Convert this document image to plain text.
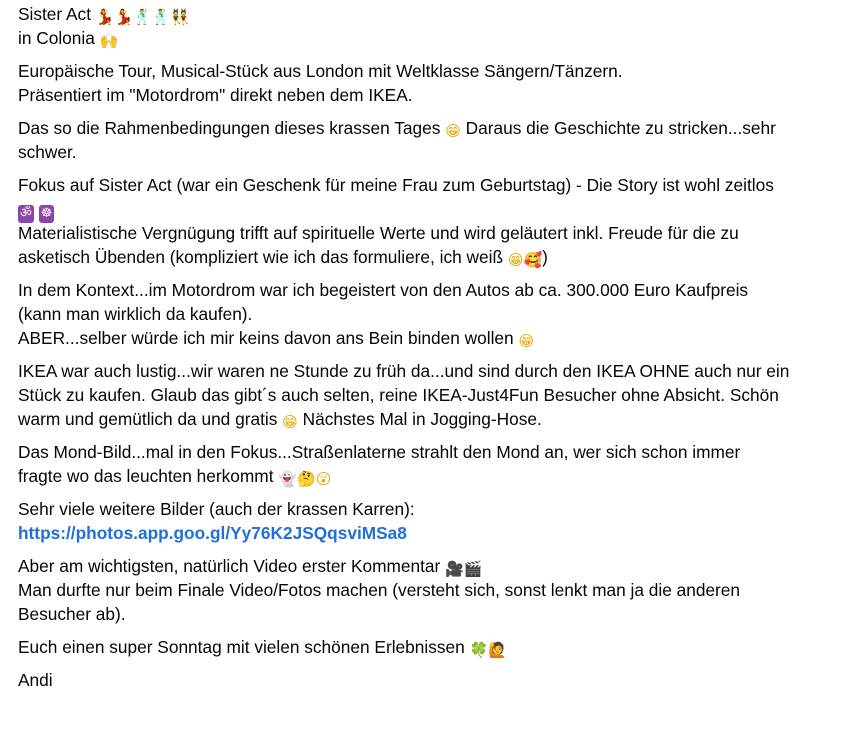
Sister Act 💃💃🕺🕺👯
in Colonia 🙌
Europäische Tour, Musical-Stück aus London mit Weltklasse Sängern/Tänzern.
Präsentiert im "Motordrom" direkt neben dem IKEA.
Das so die Rahmenbedingungen dieses krassen Tages 😁 Daraus die Geschichte zu stricken...sehr
schwer.
Fokus auf Sister Act (war ein Geschenk für meine Frau zum Geburtstag) - Die Story ist wohl zeitlos
ॐ ☸
Materialistische Vergnügung trifft auf spirituelle Werte und wird geläutert inkl. Freude für die zu
asketisch Übenden (kompliziert wie ich das formuliere, ich weiß 😁🥰)
In dem Kontext...im Motordrom war ich begeistert von den Autos ab ca. 300.000 Euro Kaufpreis
(kann man wirklich da kaufen).
ABER...selber würde ich mir keins davon ans Bein binden wollen 😁
IKEA war auch lustig...wir waren ne Stunde zu früh da...und sind durch den IKEA OHNE auch nur ein
Stück zu kaufen. Glaub das gibt´s auch selten, reine IKEA-Just4Fun Besucher ohne Absicht. Schön
warm und gemütlich da und gratis 😁 Nächstes Mal in Jogging-Hose.
Das Mond-Bild...mal in den Fokus...Straßenlaterne strahlt den Mond an, wer sich schon immer
fragte wo das leuchten herkommt 👻🤔😲
Sehr viele weitere Bilder (auch der krassen Karren):
https://photos.app.goo.gl/Yy76K2JSQqsviMSa8
Aber am wichtigsten, natürlich Video erster Kommentar 🎥🎬
Man durfte nur beim Finale Video/Fotos machen (versteht sich, sonst lenkt man ja die anderen
Besucher ab).
Euch einen super Sonntag mit vielen schönen Erlebnissen 🍀🙋
Andi
